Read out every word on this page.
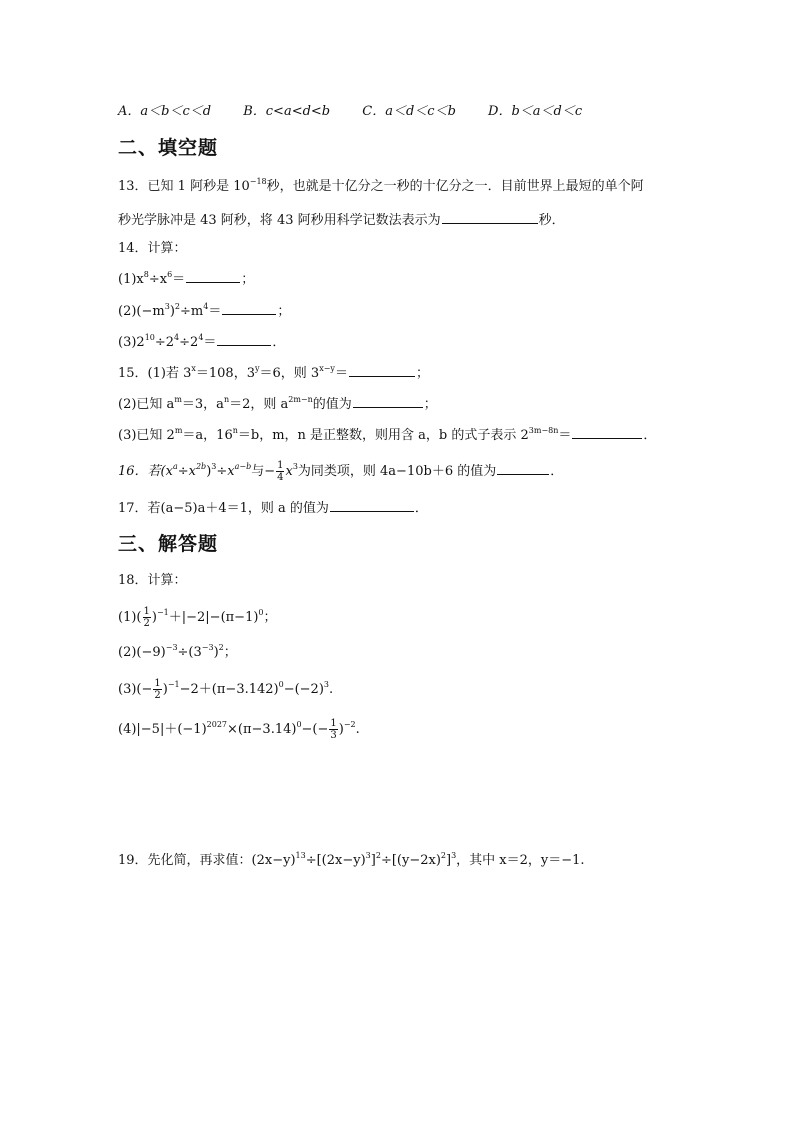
A．a＜b＜c＜d B．c<a<d<b C．a＜d＜c＜b D．b＜a＜d＜c
二、填空题
13．已知 1 阿秒是 $10^{-18}$秒，也就是十亿分之一秒的十亿分之一．目前世界上最短的单个阿
秒光学脉冲是 43 阿秒，将 43 阿秒用科学记数法表示为	秒．
14．计算：
$(1)x^8\div x^6=$	；
$(2)(-m^3)^2\div m^4=$	；
$(3)2^{10}\div 2^4\div 2^4=$	．
15．(1)若 $3^x=108$，$3^y=6$，则 $3^{x-y}=$	；
(2)已知 $a^m=3$，$a^n=2$，则 $a^{2m-n}$的值为	；
(3)已知 $2^m=a$，$16^n=b$，m，n 是正整数，则用含 a，b 的式子表示 $2^{3m-8n}=$	．
16．若$(x^a\div x^{2b})^3\div x^{a-b}$与− $\frac{1}{4} x^3$为同类项，则 4a−10b＋6 的值为	．
17．若(a−5)a＋4＝1，则 a 的值为	．
三、解答题
18．计算：
$(1)( \frac{1}{2} )^{-1}+|-2|-(\pi-1)^0$；
$(2)(-9)^{-3}\div(3^{-3})^2$；
$(3)(- \frac{1}{2} )^{-1}-2+(\pi-3.142)^0-(-2)^3$.
$(4)|-5|+(-1)^{2027}\times(\pi-3.14)^0-(- \frac{1}{3} )^{-2}$.
19．先化简，再求值：$(2x-y)^{13}\div[(2x-y)^3]^2\div[(y-2x)^2]^3$，其中 x＝2，y＝−1.
